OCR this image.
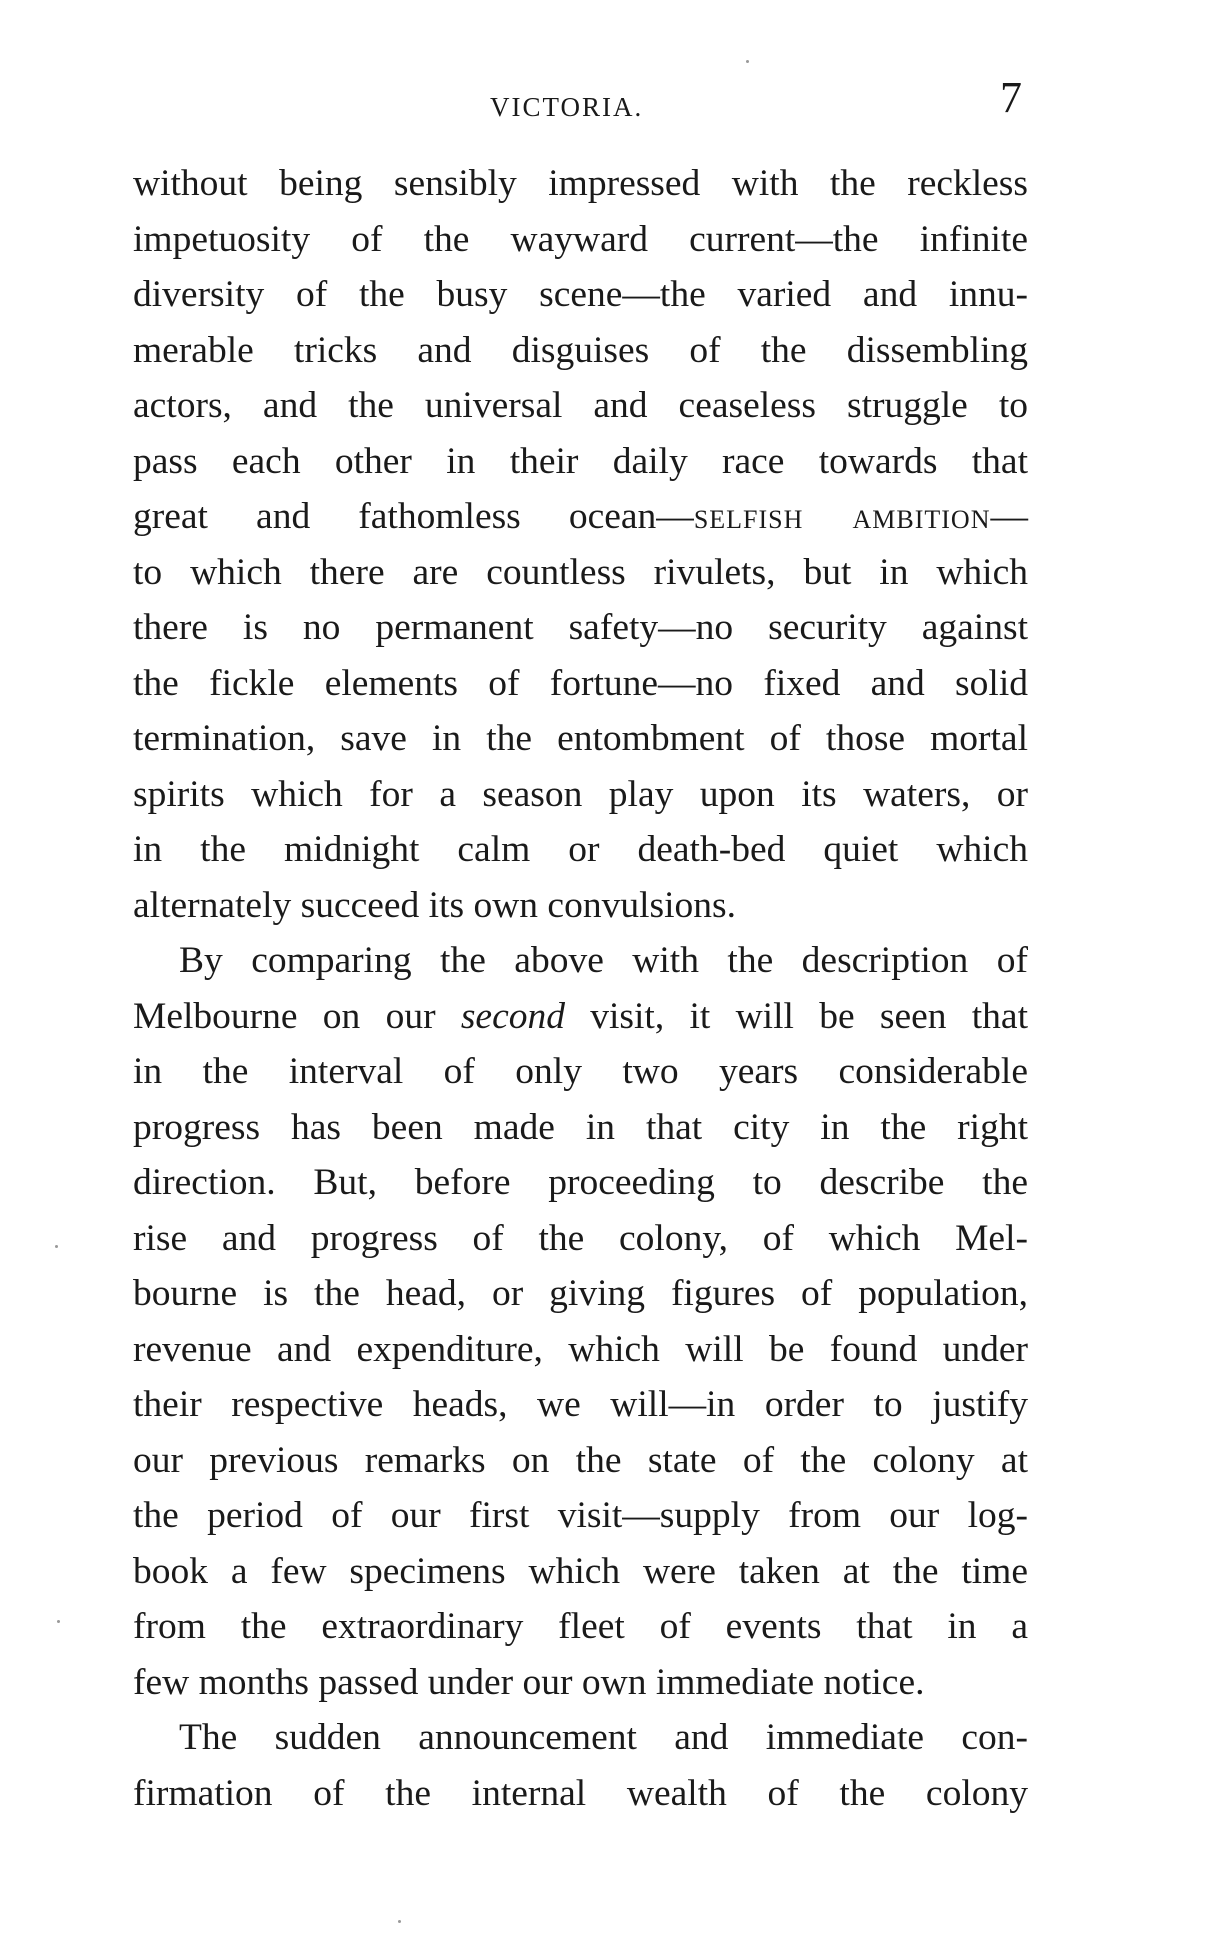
VICTORIA.	7
without being sensibly impressed with the reckless
impetuosity of the wayward current—the infinite
diversity of the busy scene—the varied and innu-
merable tricks and disguises of the dissembling
actors, and the universal and ceaseless struggle to
pass each other in their daily race towards that
great and fathomless ocean—selfish ambition—
to which there are countless rivulets, but in which
there is no permanent safety—no security against
the fickle elements of fortune—no fixed and solid
termination, save in the entombment of those mortal
spirits which for a season play upon its waters, or
in the midnight calm or death-bed quiet which
alternately succeed its own convulsions.
By comparing the above with the description of
Melbourne on our second visit, it will be seen that
in the interval of only two years considerable
progress has been made in that city in the right
direction. But, before proceeding to describe the
rise and progress of the colony, of which Mel-
bourne is the head, or giving figures of population,
revenue and expenditure, which will be found under
their respective heads, we will—in order to justify
our previous remarks on the state of the colony at
the period of our first visit—supply from our log-
book a few specimens which were taken at the time
from the extraordinary fleet of events that in a
few months passed under our own immediate notice.
The sudden announcement and immediate con-
firmation of the internal wealth of the colony
